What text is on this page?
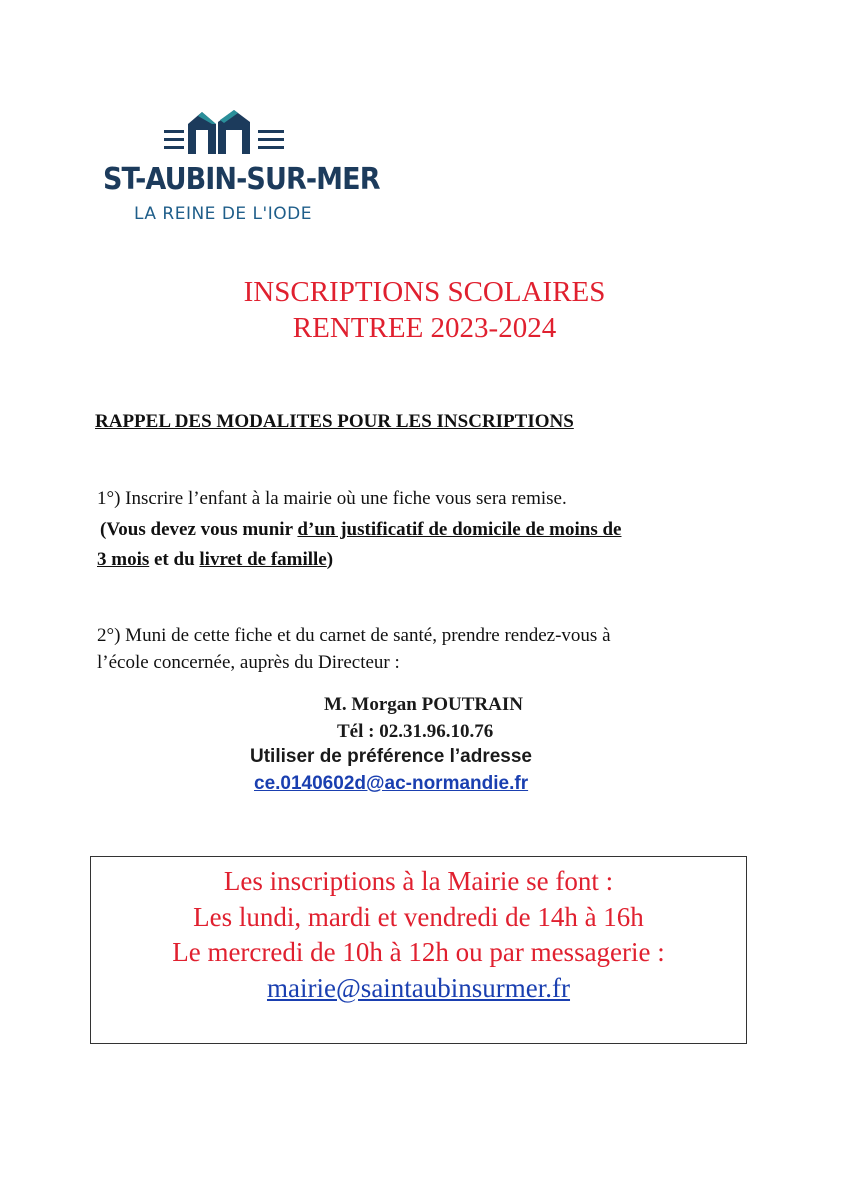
ST-AUBIN-SUR-MER
LA REINE DE L'IODE
INSCRIPTIONS SCOLAIRES
RENTREE 2023-2024
RAPPEL DES MODALITES POUR LES INSCRIPTIONS
1°) Inscrire l’enfant à la mairie où une fiche vous sera remise.
(Vous devez vous munir d’un justificatif de domicile de moins de
3 mois et du livret de famille)
2°) Muni de cette fiche et du carnet de santé, prendre rendez-vous à
l’école concernée, auprès du Directeur :
M. Morgan POUTRAIN
Tél : 02.31.96.10.76
Utiliser de préférence l’adresse
ce.0140602d@ac-normandie.fr
Les inscriptions à la Mairie se font :
Les lundi, mardi et vendredi de 14h à 16h
Le mercredi de 10h à 12h ou par messagerie :
mairie@saintaubinsurmer.fr
